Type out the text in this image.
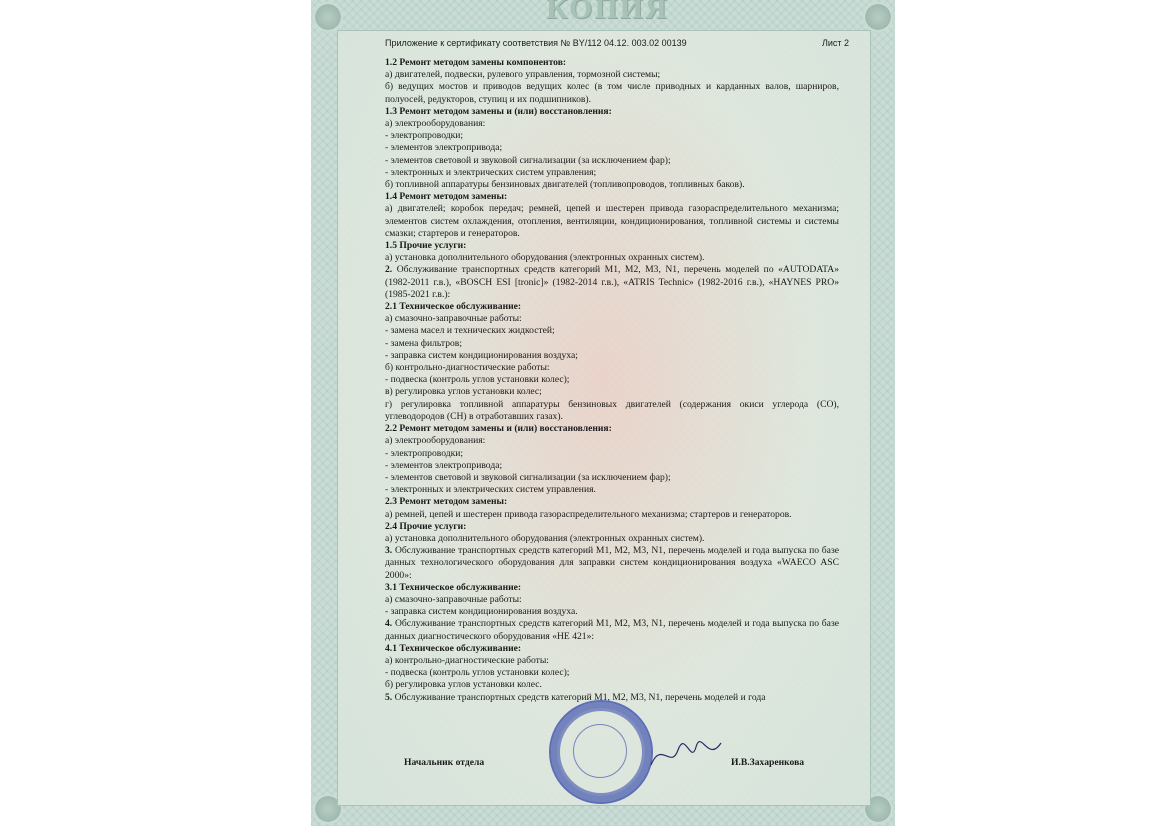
КОПИЯ
Приложение к сертификату соответствия № BY/112 04.12. 003.02 00139	Лист 2

1.2 Ремонт методом замены компонентов:

а) двигателей, подвески, рулевого управления, тормозной системы;

б) ведущих мостов и приводов ведущих колес (в том числе приводных и карданных валов, шарниров, полуосей, редукторов, ступиц и их подшипников).

1.3 Ремонт методом замены и (или) восстановления:

а) электрооборудования:

- электропроводки;

- элементов электропривода;

- элементов световой и звуковой сигнализации (за исключением фар);

- электронных и электрических систем управления;

б) топливной аппаратуры бензиновых двигателей (топливопроводов, топливных баков).

1.4 Ремонт методом замены:

а) двигателей; коробок передач; ремней, цепей и шестерен привода газораспределительного механизма; элементов систем охлаждения, отопления, вентиляции, кондиционирования, топливной системы и системы смазки; стартеров и генераторов.

1.5 Прочие услуги:

а) установка дополнительного оборудования (электронных охранных систем).

2. Обслуживание транспортных средств категорий М1, М2, М3, N1, перечень моделей по «AUTODATA» (1982-2011 г.в.), «BOSCH ESI [tronic]» (1982-2014 г.в.), «ATRIS Technic» (1982-2016 г.в.), «HAYNES PRO» (1985-2021 г.в.):

2.1 Техническое обслуживание:

а) смазочно-заправочные работы:

- замена масел и технических жидкостей;

- замена фильтров;

- заправка систем кондиционирования воздуха;

б) контрольно-диагностические работы:

- подвеска (контроль углов установки колес);

в) регулировка углов установки колес;

г) регулировка топливной аппаратуры бензиновых двигателей (содержания окиси углерода (СО), углеводородов (СН) в отработавших газах).

2.2 Ремонт методом замены и (или) восстановления:

а) электрооборудования:

- электропроводки;

- элементов электропривода;

- элементов световой и звуковой сигнализации (за исключением фар);

- электронных и электрических систем управления.

2.3 Ремонт методом замены:

а) ремней, цепей и шестерен привода газораспределительного механизма; стартеров и генераторов.

2.4 Прочие услуги:

а) установка дополнительного оборудования (электронных охранных систем).

3. Обслуживание транспортных средств категорий М1, М2, М3, N1, перечень моделей и года выпуска по базе данных технологического оборудования для заправки систем кондиционирования воздуха «WAECO ASC 2000»:

3.1 Техническое обслуживание:

а) смазочно-заправочные работы:

- заправка систем кондиционирования воздуха.

4. Обслуживание транспортных средств категорий М1, М2, М3, N1, перечень моделей и года выпуска по базе данных диагностического оборудования «HE 421»:

4.1 Техническое обслуживание:

а) контрольно-диагностические работы:

- подвеска (контроль углов установки колес);

б) регулировка углов установки колес.

5. Обслуживание транспортных средств категорий М1, М2, М3, N1, перечень моделей и года

Начальник отдела	И.В.Захаренкова
